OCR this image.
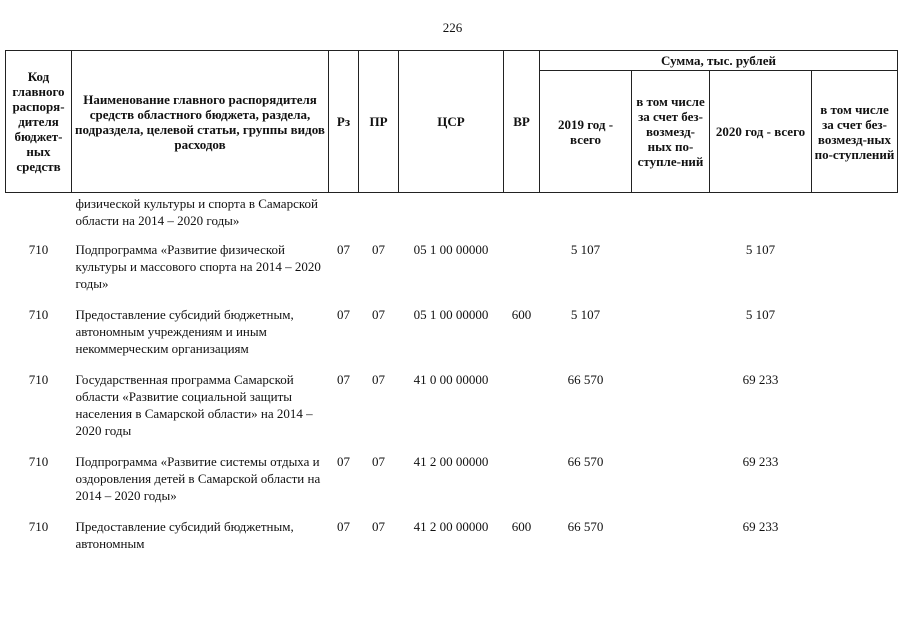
226
Код главного распоря-дителя бюджет-ных средств	Наименование главного распорядителя средств областного бюджета, раздела, подраздела, целевой статьи, группы видов расходов	Рз	ПР	ЦСР	ВР	Сумма, тыс. рублей			
						2019 год - всего	в том числе за счет без-возмезд-ных по-ступле-ний	2020 год - всего	в том числе за счет без-возмезд-ных по-ступлений
	физической культуры и спорта в Самарской области на 2014 – 2020 годы»								
710	Подпрограмма «Развитие физической культуры и массового спорта на 2014 – 2020 годы»	07	07	05 1 00 00000		5 107		5 107	
710	Предоставление субсидий бюджетным, автономным учреждениям и иным некоммерческим организациям	07	07	05 1 00 00000	600	5 107		5 107	
710	Государственная программа Самарской области «Развитие социальной защиты населения в Самарской области» на 2014 – 2020 годы	07	07	41 0 00 00000		66 570		69 233	
710	Подпрограмма «Развитие системы отдыха и оздоровления детей в Самарской области на 2014 – 2020 годы»	07	07	41 2 00 00000		66 570		69 233	
710	Предоставление субсидий бюджетным, автономным	07	07	41 2 00 00000	600	66 570		69 233	
